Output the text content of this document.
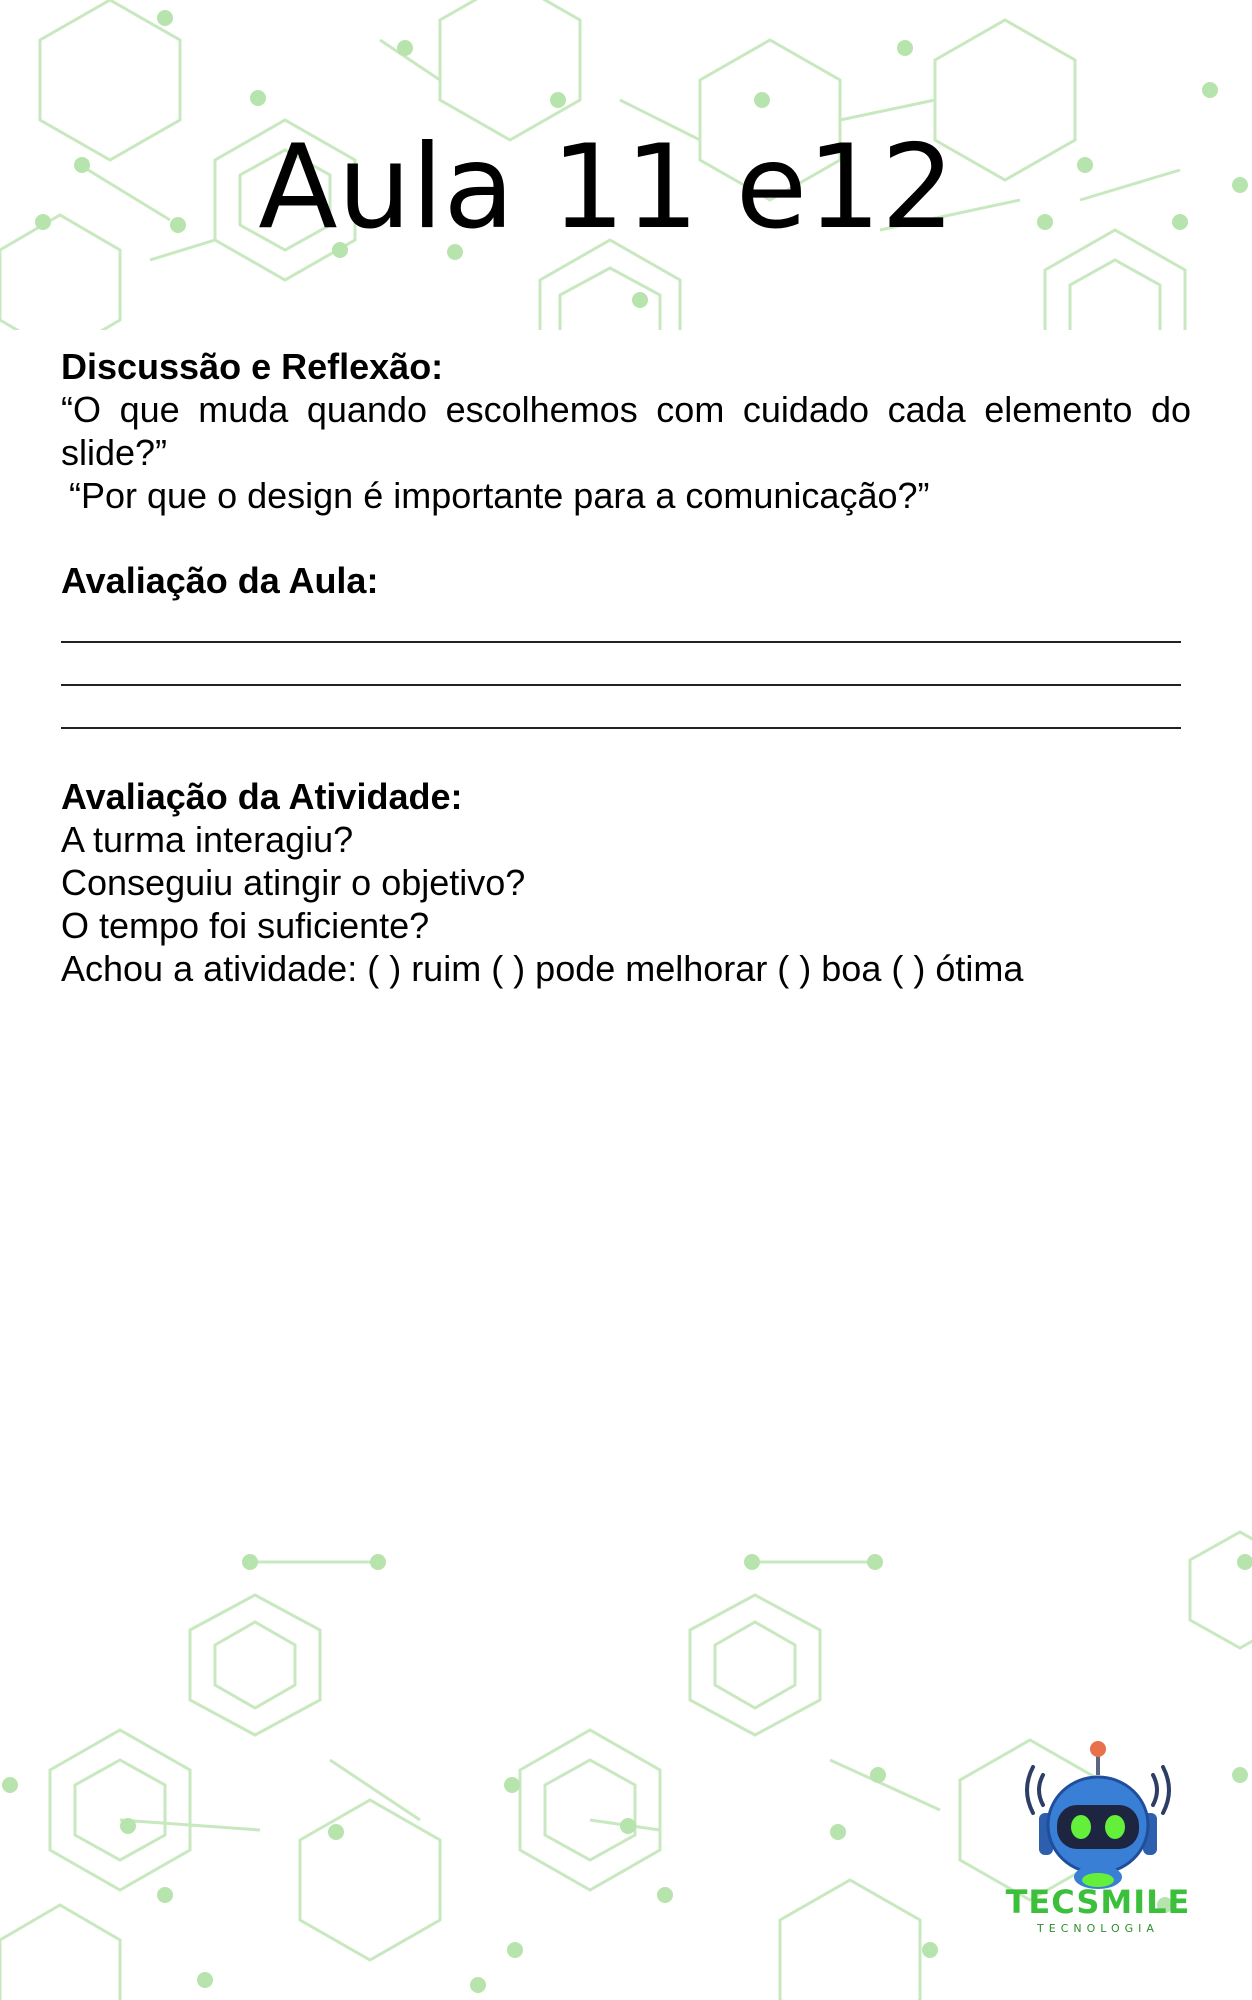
Aula 11 e12

Discussão e Reflexão:

“O que muda quando escolhemos com cuidado cada elemento do slide?”

“Por que o design é importante para a comunicação?”

Avaliação da Aula:

Avaliação da Atividade:

A turma interagiu?

Conseguiu atingir o objetivo?

O tempo foi suficiente?

Achou a atividade: ( ) ruim ( ) pode melhorar ( ) boa ( ) ótima

TECSMILE
TECNOLOGIA
